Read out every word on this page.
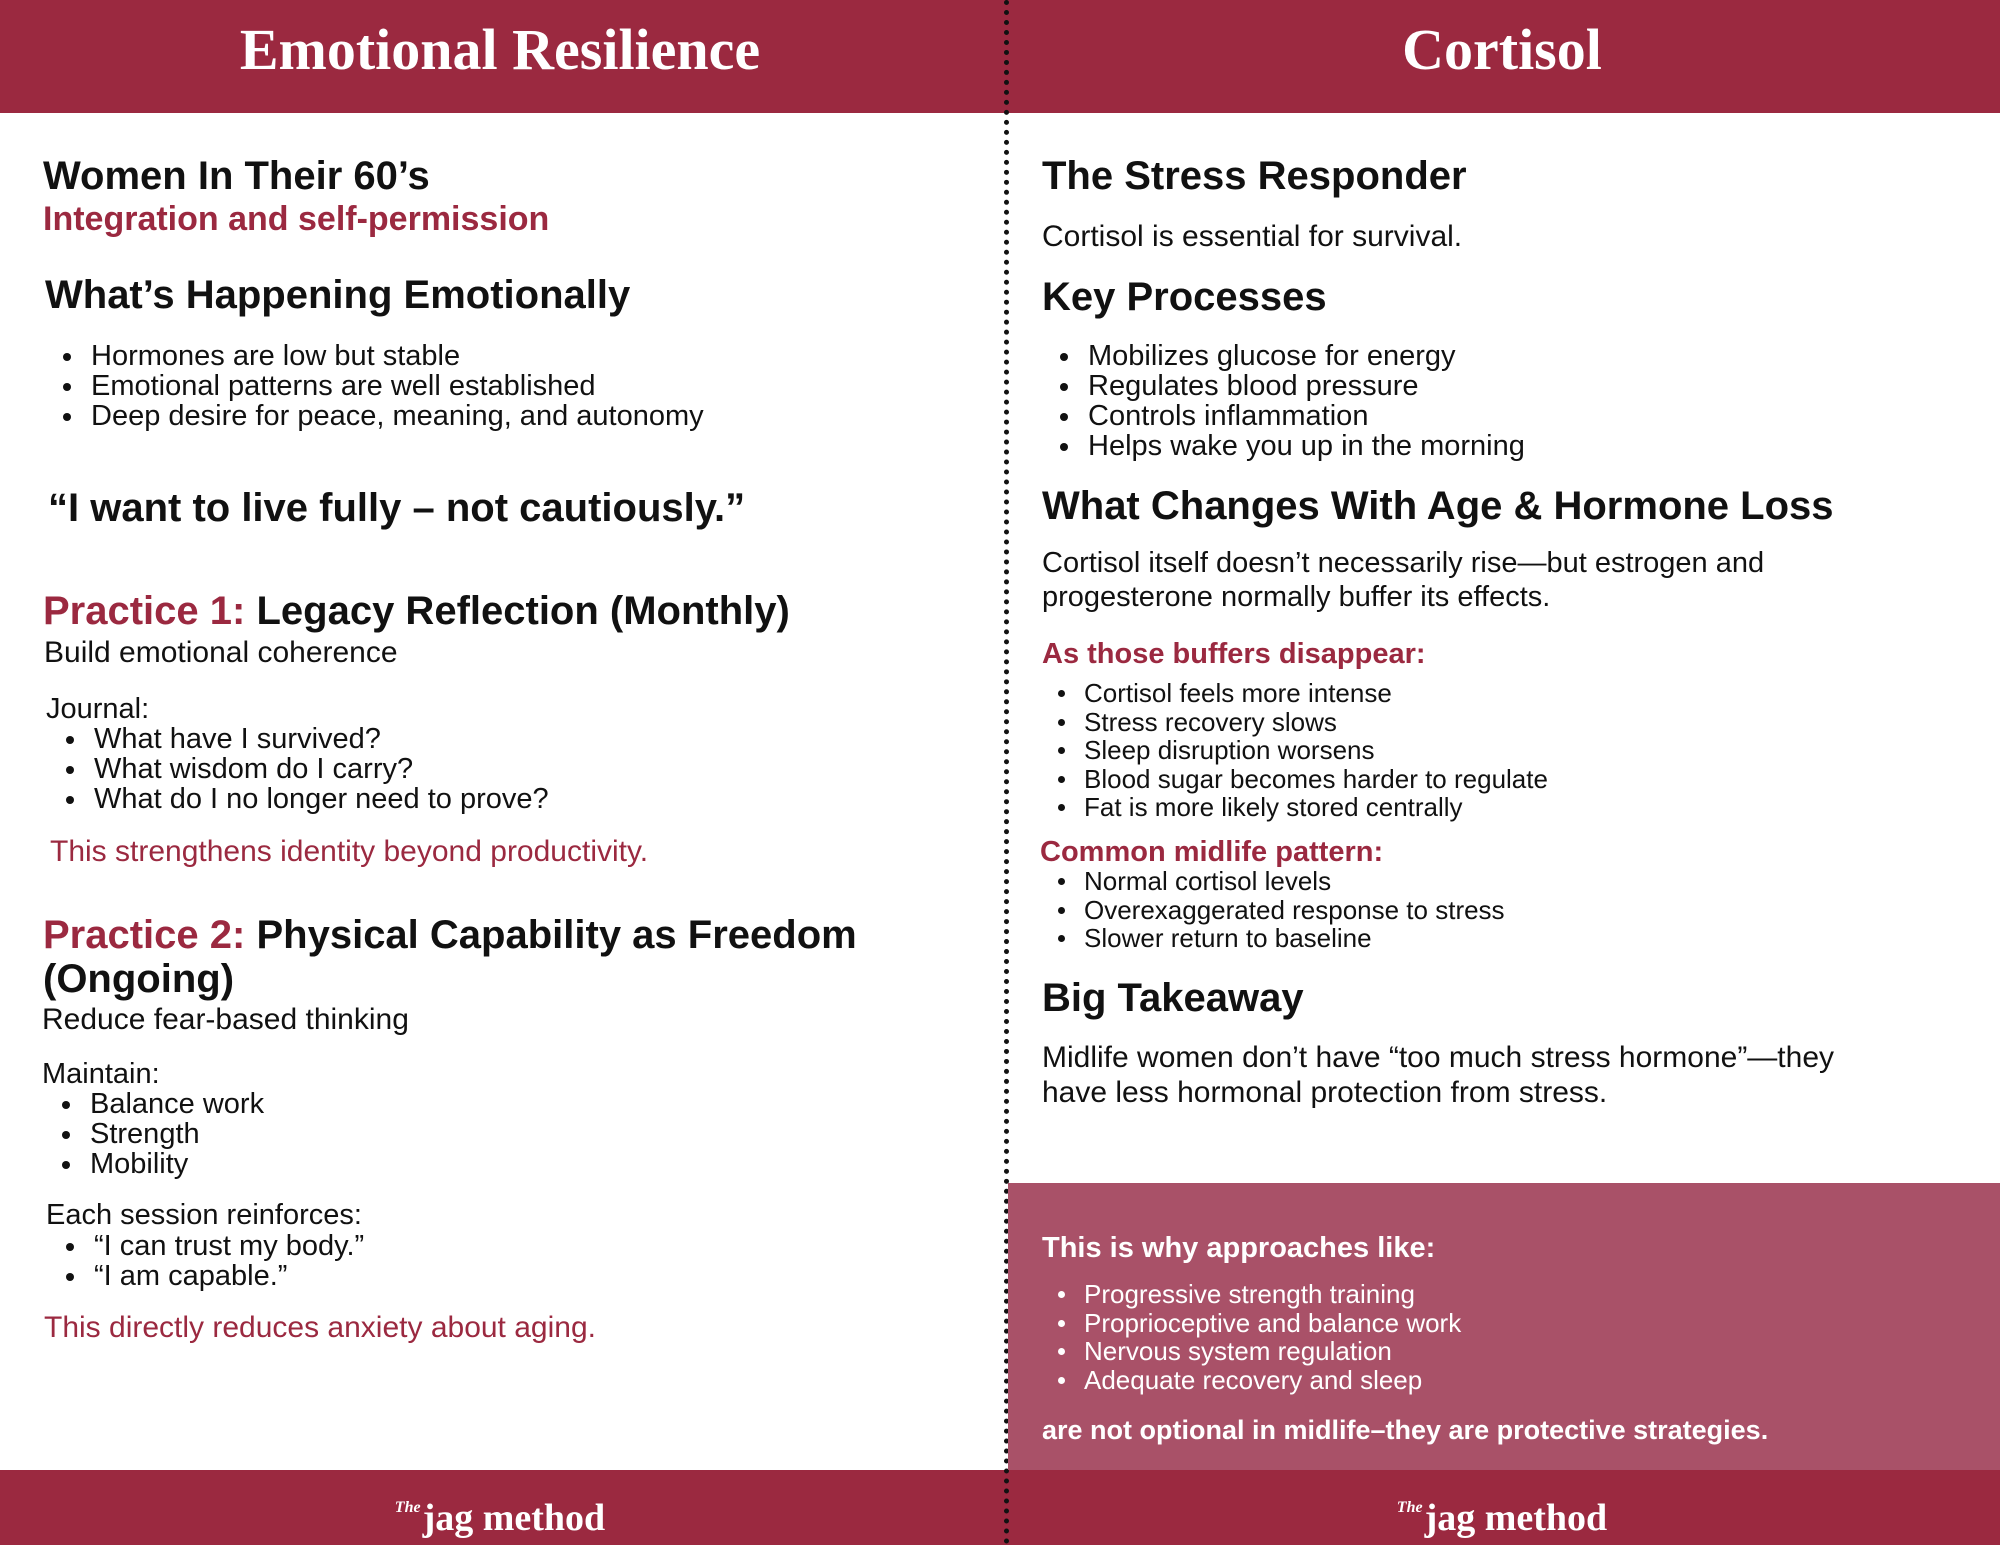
Emotional Resilience	Cortisol
$^{The}$jag method	$^{The}$jag method
Women In Their 60’s
Integration and self-permission
What’s Happening Emotionally
Hormones are low but stable
Emotional patterns are well established
Deep desire for peace, meaning, and autonomy

“I want to live fully – not cautiously.”

Practice 1: Legacy Reflection (Monthly)

Build emotional coherence

Journal:

What have I survived?
What wisdom do I carry?
What do I no longer need to prove?

This strengthens identity beyond productivity.

Practice 2: Physical Capability as Freedom
(Ongoing)

Reduce fear-based thinking

Maintain:

Balance work
Strength
Mobility

Each session reinforces:

“I can trust my body.”
“I am capable.”

This directly reduces anxiety about aging.

The Stress Responder

Cortisol is essential for survival.

Key Processes
Mobilizes glucose for energy
Regulates blood pressure
Controls inflammation
Helps wake you up in the morning
What Changes With Age & Hormone Loss

Cortisol itself doesn’t necessarily rise—but estrogen and
progesterone normally buffer its effects.

As those buffers disappear:
Cortisol feels more intense
Stress recovery slows
Sleep disruption worsens
Blood sugar becomes harder to regulate
Fat is more likely stored centrally
Common midlife pattern:
Normal cortisol levels
Overexaggerated response to stress
Slower return to baseline
Big Takeaway

Midlife women don’t have “too much stress hormone”—they
have less hormonal protection from stress.

This is why approaches like:
Progressive strength training
Proprioceptive and balance work
Nervous system regulation
Adequate recovery and sleep

are not optional in midlife–they are protective strategies.
